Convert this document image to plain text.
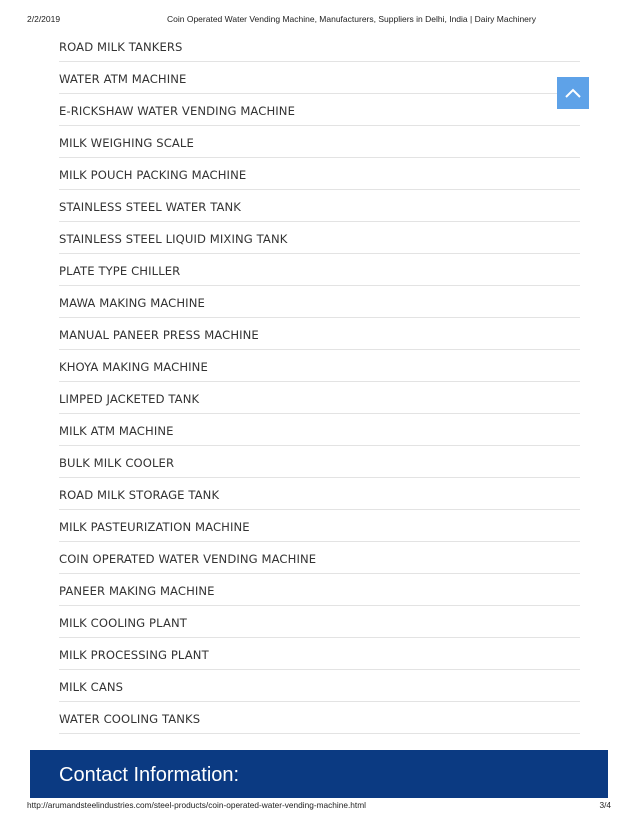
2/2/2019	Coin Operated Water Vending Machine, Manufacturers, Suppliers in Delhi, India | Dairy Machinery
ROAD MILK TANKERS
WATER ATM MACHINE
E-RICKSHAW WATER VENDING MACHINE
MILK WEIGHING SCALE
MILK POUCH PACKING MACHINE
STAINLESS STEEL WATER TANK
STAINLESS STEEL LIQUID MIXING TANK
PLATE TYPE CHILLER
MAWA MAKING MACHINE
MANUAL PANEER PRESS MACHINE
KHOYA MAKING MACHINE
LIMPED JACKETED TANK
MILK ATM MACHINE
BULK MILK COOLER
ROAD MILK STORAGE TANK
MILK PASTEURIZATION MACHINE
COIN OPERATED WATER VENDING MACHINE
PANEER MAKING MACHINE
MILK COOLING PLANT
MILK PROCESSING PLANT
MILK CANS
WATER COOLING TANKS
Contact Information:
http://arumandsteelindustries.com/steel-products/coin-operated-water-vending-machine.html	3/4
